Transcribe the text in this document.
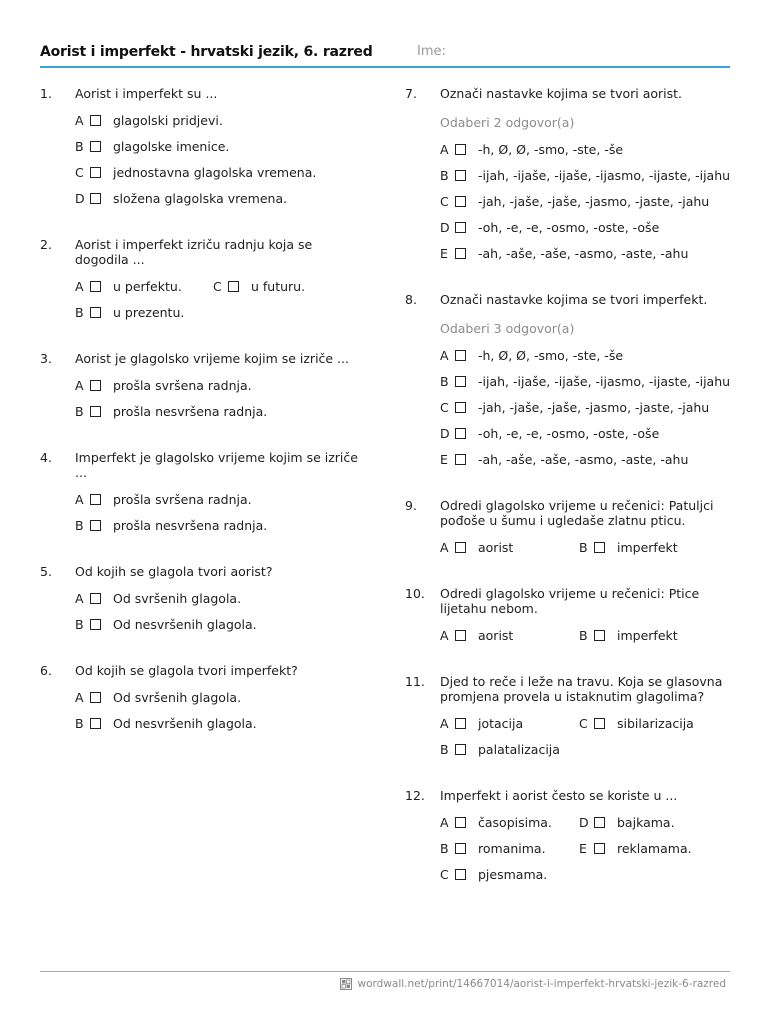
Aorist i imperfekt - hrvatski jezik, 6. razred	Ime:
1. Aorist i imperfekt su ...
A glagolski pridjevi.
B glagolske imenice.
C jednostavna glagolska vremena.
D složena glagolska vremena.
2. Aorist i imperfekt izriču radnju koja se dogodila ...
A u perfektu.	C u futuru.
B u prezentu.
3. Aorist je glagolsko vrijeme kojim se izriče ...
A prošla svršena radnja.
B prošla nesvršena radnja.
4. Imperfekt je glagolsko vrijeme kojim se izriče ...
A prošla svršena radnja.
B prošla nesvršena radnja.
5. Od kojih se glagola tvori aorist?
A Od svršenih glagola.
B Od nesvršenih glagola.
6. Od kojih se glagola tvori imperfekt?
A Od svršenih glagola.
B Od nesvršenih glagola.
7. Označi nastavke kojima se tvori aorist.
Odaberi 2 odgovor(a)
A -h, Ø, Ø, -smo, -ste, -še
B -ijah, -ijaše, -ijaše, -ijasmo, -ijaste, -ijahu
C -jah, -jaše, -jaše, -jasmo, -jaste, -jahu
D -oh, -e, -e, -osmo, -oste, -oše
E -ah, -aše, -aše, -asmo, -aste, -ahu
8. Označi nastavke kojima se tvori imperfekt.
Odaberi 3 odgovor(a)
A -h, Ø, Ø, -smo, -ste, -še
B -ijah, -ijaše, -ijaše, -ijasmo, -ijaste, -ijahu
C -jah, -jaše, -jaše, -jasmo, -jaste, -jahu
D -oh, -e, -e, -osmo, -oste, -oše
E -ah, -aše, -aše, -asmo, -aste, -ahu
9. Odredi glagolsko vrijeme u rečenici: Patuljci pođoše u šumu i ugledaše zlatnu pticu.
A aorist	B imperfekt
10. Odredi glagolsko vrijeme u rečenici: Ptice lijetahu nebom.
A aorist	B imperfekt
11. Djed to reče i leže na travu. Koja se glasovna promjena provela u istaknutim glagolima?
A jotacija	C sibilarizacija
B palatalizacija
12. Imperfekt i aorist često se koriste u ...
A časopisima.	D bajkama.
B romanima.	E reklamama.
C pjesmama.
wordwall.net/print/14667014/aorist-i-imperfekt-hrvatski-jezik-6-razred
